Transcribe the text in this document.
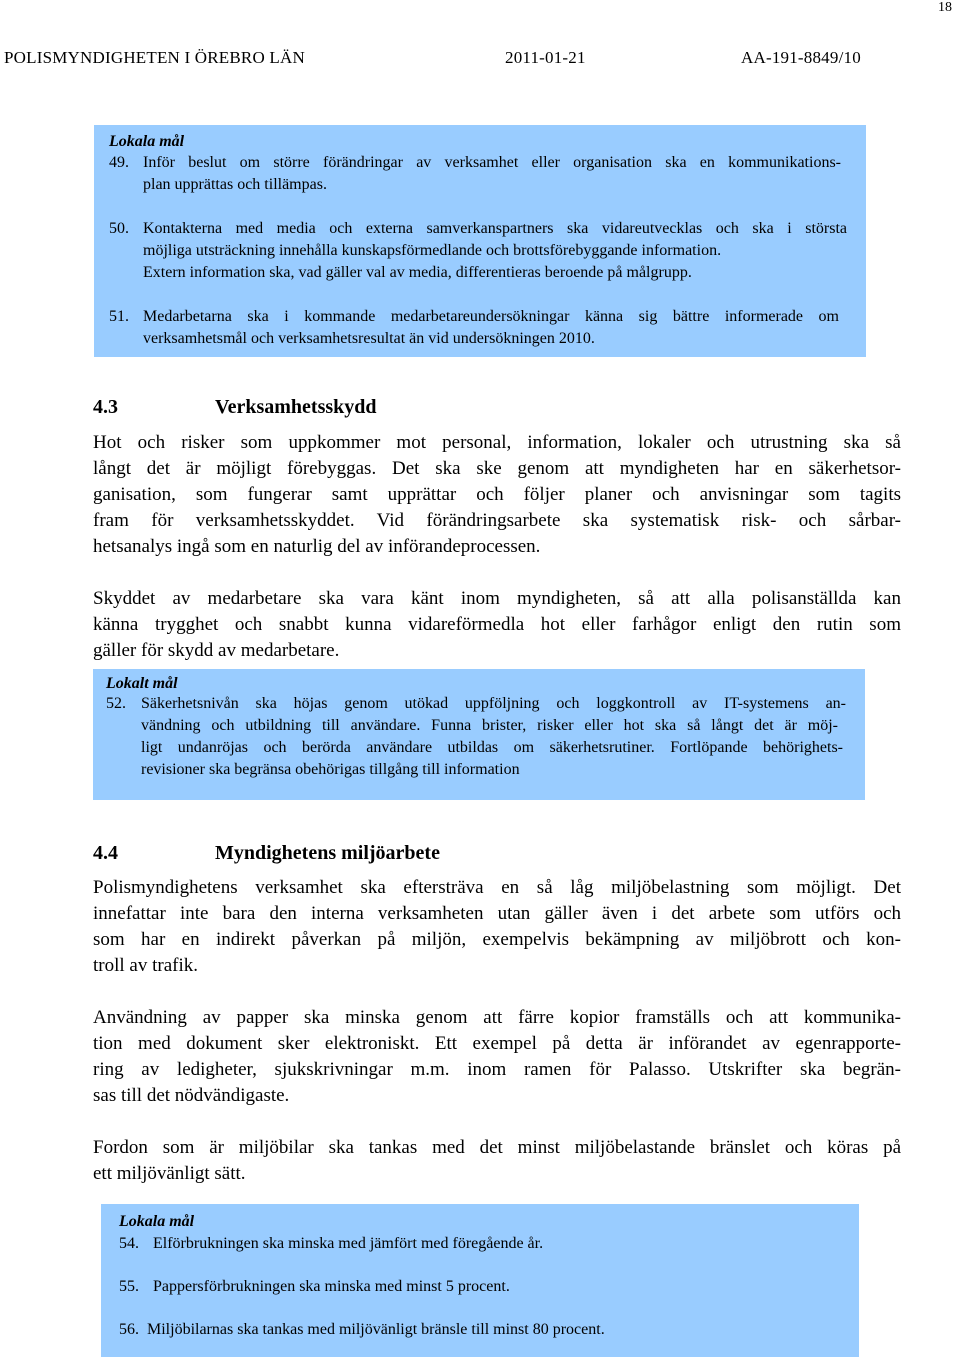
18
POLISMYNDIGHETEN I ÖREBRO LÄN	2011-01-21	AA-191-8849/10
Lokala mål
49. Inför beslut om större förändringar av verksamhet eller organisation ska en kommunikations-
plan upprättas och tillämpas.
50. Kontakterna med media och externa samverkanspartners ska vidareutvecklas och ska i största
möjliga utsträckning innehålla kunskapsförmedlande och brottsförebyggande information.
Extern information ska, vad gäller val av media, differentieras beroende på målgrupp.
51. Medarbetarna ska i kommande medarbetareundersökningar känna sig bättre informerade om
verksamhetsmål och verksamhetsresultat än vid undersökningen 2010.
4.3	Verksamhetsskydd
Hot och risker som uppkommer mot personal, information, lokaler och utrustning ska så
långt det är möjligt förebyggas. Det ska ske genom att myndigheten har en säkerhetsor-
ganisation, som fungerar samt upprättar och följer planer och anvisningar som tagits
fram för verksamhetsskyddet. Vid förändringsarbete ska systematisk risk- och sårbar-
hetsanalys ingå som en naturlig del av införandeprocessen.
Skyddet av medarbetare ska vara känt inom myndigheten, så att alla polisanställda kan
känna trygghet och snabbt kunna vidareförmedla hot eller farhågor enligt den rutin som
gäller för skydd av medarbetare.
Lokalt mål
52. Säkerhetsnivån ska höjas genom utökad uppföljning och loggkontroll av IT-systemens an-
vändning och utbildning till användare. Funna brister, risker eller hot ska så långt det är möj-
ligt undanröjas och berörda användare utbildas om säkerhetsrutiner. Fortlöpande behörighets-
revisioner ska begränsa obehörigas tillgång till information
4.4	Myndighetens miljöarbete
Polismyndighetens verksamhet ska eftersträva en så låg miljöbelastning som möjligt. Det
innefattar inte bara den interna verksamheten utan gäller även i det arbete som utförs och
som har en indirekt påverkan på miljön, exempelvis bekämpning av miljöbrott och kon-
troll av trafik.
Användning av papper ska minska genom att färre kopior framställs och att kommunika-
tion med dokument sker elektroniskt. Ett exempel på detta är införandet av egenrapporte-
ring av ledigheter, sjukskrivningar m.m. inom ramen för Palasso. Utskrifter ska begrän-
sas till det nödvändigaste.
Fordon som är miljöbilar ska tankas med det minst miljöbelastande bränslet och köras på
ett miljövänligt sätt.
Lokala mål
54. Elförbrukningen ska minska med jämfört med föregående år.
55. Pappersförbrukningen ska minska med minst 5 procent.
56. Miljöbilarnas ska tankas med miljövänligt bränsle till minst 80 procent.
